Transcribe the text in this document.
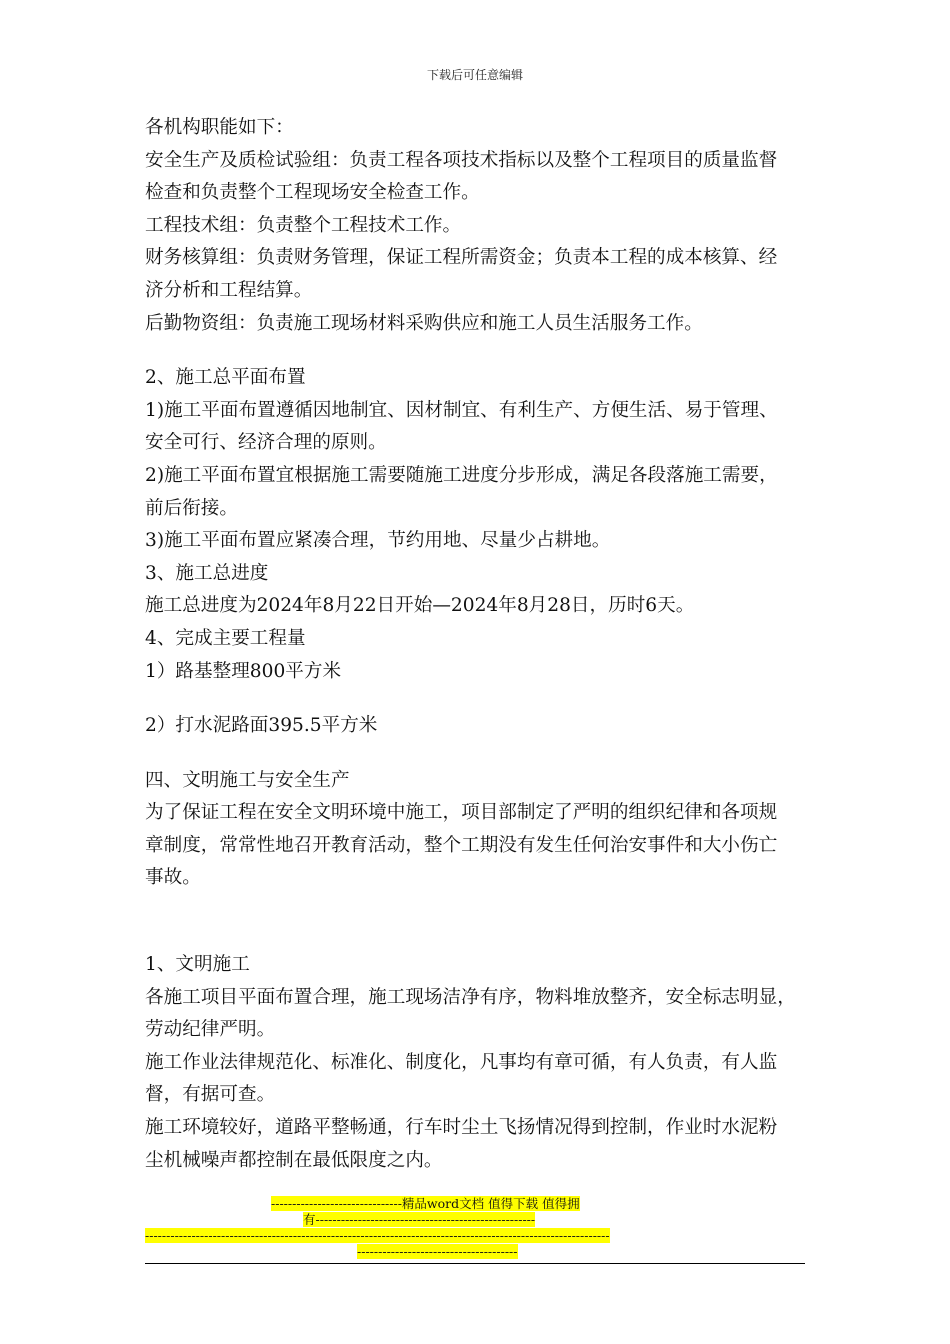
下载后可任意编辑

各机构职能如下：

安全生产及质检试验组：负责工程各项技术指标以及整个工程项目的质量监督

检查和负责整个工程现场安全检查工作。

工程技术组：负责整个工程技术工作。

财务核算组：负责财务管理，保证工程所需资金；负责本工程的成本核算、经

济分析和工程结算。

后勤物资组：负责施工现场材料采购供应和施工人员生活服务工作。

2、施工总平面布置

1)施工平面布置遵循因地制宜、因材制宜、有利生产、方便生活、易于管理、

安全可行、经济合理的原则。

2)施工平面布置宜根据施工需要随施工进度分步形成，满足各段落施工需要，

前后衔接。

3)施工平面布置应紧凑合理，节约用地、尽量少占耕地。

3、施工总进度

施工总进度为2024年8月22日开始—2024年8月28日，历时6天。

4、完成主要工程量

1）路基整理800平方米

2）打水泥路面395.5平方米

四、文明施工与安全生产

为了保证工程在安全文明环境中施工，项目部制定了严明的组织纪律和各项规

章制度，常常性地召开教育活动，整个工期没有发生任何治安事件和大小伤亡

事故。

1、文明施工

各施工项目平面布置合理，施工现场洁净有序，物料堆放整齐，安全标志明显，

劳动纪律严明。

施工作业法律规范化、标准化、制度化，凡事均有章可循，有人负责，有人监

督，有据可查。

施工环境较好，道路平整畅通，行车时尘土飞扬情况得到控制，作业时水泥粉

尘机械噪声都控制在最低限度之内。

-------------------------------精品word文档 值得下载 值得拥
有----------------------------------------------------
--------------------------------------------------------------------------------------------------------------
--------------------------------------
